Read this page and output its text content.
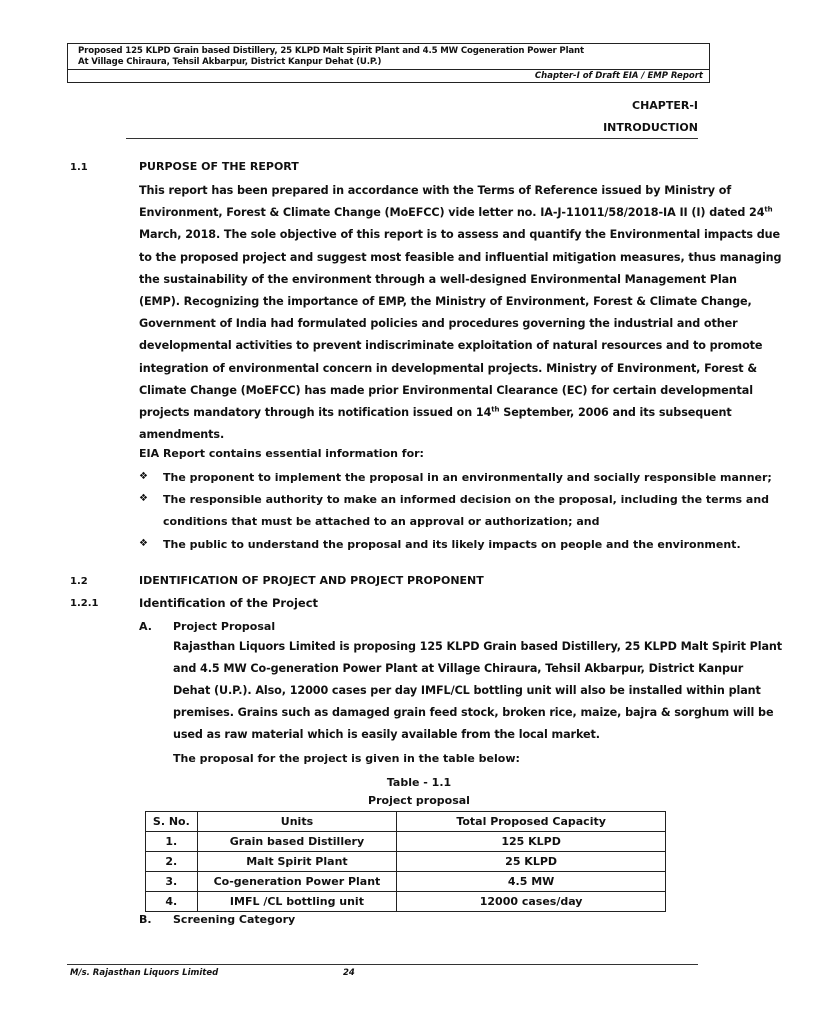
Proposed 125 KLPD Grain based Distillery, 25 KLPD Malt Spirit Plant and 4.5 MW Cogeneration Power Plant
At Village Chiraura, Tehsil Akbarpur, District Kanpur Dehat (U.P.)
Chapter-I of Draft EIA / EMP Report
CHAPTER-I
INTRODUCTION
1.1	PURPOSE OF THE REPORT
This report has been prepared in accordance with the Terms of Reference issued by Ministry of
Environment, Forest & Climate Change (MoEFCC) vide letter no. IA-J-11011/58/2018-IA II (I) dated 24th
March, 2018. The sole objective of this report is to assess and quantify the Environmental impacts due
to the proposed project and suggest most feasible and influential mitigation measures, thus managing
the sustainability of the environment through a well-designed Environmental Management Plan
(EMP). Recognizing the importance of EMP, the Ministry of Environment, Forest & Climate Change,
Government of India had formulated policies and procedures governing the industrial and other
developmental activities to prevent indiscriminate exploitation of natural resources and to promote
integration of environmental concern in developmental projects. Ministry of Environment, Forest &
Climate Change (MoEFCC) has made prior Environmental Clearance (EC) for certain developmental
projects mandatory through its notification issued on 14th September, 2006 and its subsequent
amendments.
EIA Report contains essential information for:
❖ The proponent to implement the proposal in an environmentally and socially responsible manner;
❖ The responsible authority to make an informed decision on the proposal, including the terms and
conditions that must be attached to an approval or authorization; and
❖ The public to understand the proposal and its likely impacts on people and the environment.
1.2	IDENTIFICATION OF PROJECT AND PROJECT PROPONENT
1.2.1	Identification of the Project
A. Project Proposal
Rajasthan Liquors Limited is proposing 125 KLPD Grain based Distillery, 25 KLPD Malt Spirit Plant
and 4.5 MW Co-generation Power Plant at Village Chiraura, Tehsil Akbarpur, District Kanpur
Dehat (U.P.). Also, 12000 cases per day IMFL/CL bottling unit will also be installed within plant
premises. Grains such as damaged grain feed stock, broken rice, maize, bajra & sorghum will be
used as raw material which is easily available from the local market.
The proposal for the project is given in the table below:
Table - 1.1
Project proposal
S. No.	Units	Total Proposed Capacity
1.	Grain based Distillery	125 KLPD
2.	Malt Spirit Plant	25 KLPD
3.	Co-generation Power Plant	4.5 MW
4.	IMFL /CL bottling unit	12000 cases/day
B. Screening Category
M/s. Rajasthan Liquors Limited	24
